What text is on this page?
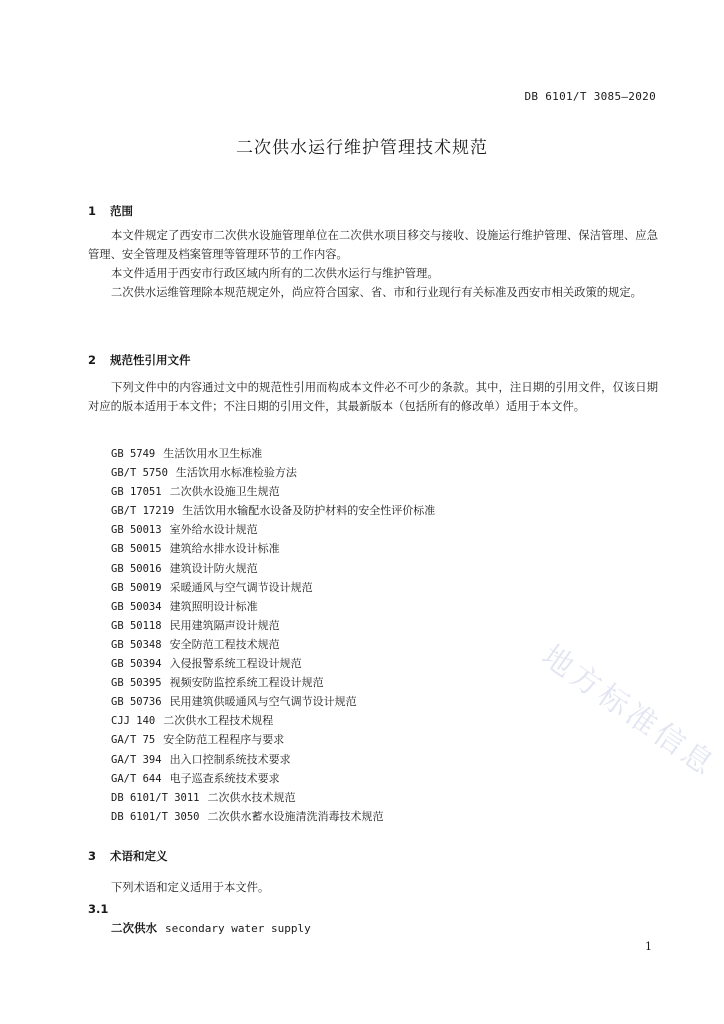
DB 6101/T 3085—2020
二次供水运行维护管理技术规范
1 范围

本文件规定了西安市二次供水设施管理单位在二次供水项目移交与接收、设施运行维护管理、保洁管理、应急管理、安全管理及档案管理等管理环节的工作内容。

本文件适用于西安市行政区域内所有的二次供水运行与维护管理。

二次供水运维管理除本规范规定外，尚应符合国家、省、市和行业现行有关标准及西安市相关政策的规定。

2 规范性引用文件

下列文件中的内容通过文中的规范性引用而构成本文件必不可少的条款。其中，注日期的引用文件，仅该日期对应的版本适用于本文件；不注日期的引用文件，其最新版本（包括所有的修改单）适用于本文件。

GB 5749 生活饮用水卫生标准
GB/T 5750 生活饮用水标准检验方法
GB 17051 二次供水设施卫生规范
GB/T 17219 生活饮用水输配水设备及防护材料的安全性评价标准
GB 50013 室外给水设计规范
GB 50015 建筑给水排水设计标准
GB 50016 建筑设计防火规范
GB 50019 采暖通风与空气调节设计规范
GB 50034 建筑照明设计标准
GB 50118 民用建筑隔声设计规范
GB 50348 安全防范工程技术规范
GB 50394 入侵报警系统工程设计规范
GB 50395 视频安防监控系统工程设计规范
GB 50736 民用建筑供暖通风与空气调节设计规范
CJJ 140 二次供水工程技术规程
GA/T 75 安全防范工程程序与要求
GA/T 394 出入口控制系统技术要求
GA/T 644 电子巡查系统技术要求
DB 6101/T 3011 二次供水技术规范
DB 6101/T 3050 二次供水蓄水设施清洗消毒技术规范
3 术语和定义

下列术语和定义适用于本文件。

3.1
二次供水 secondary water supply
1
地方标准信息
